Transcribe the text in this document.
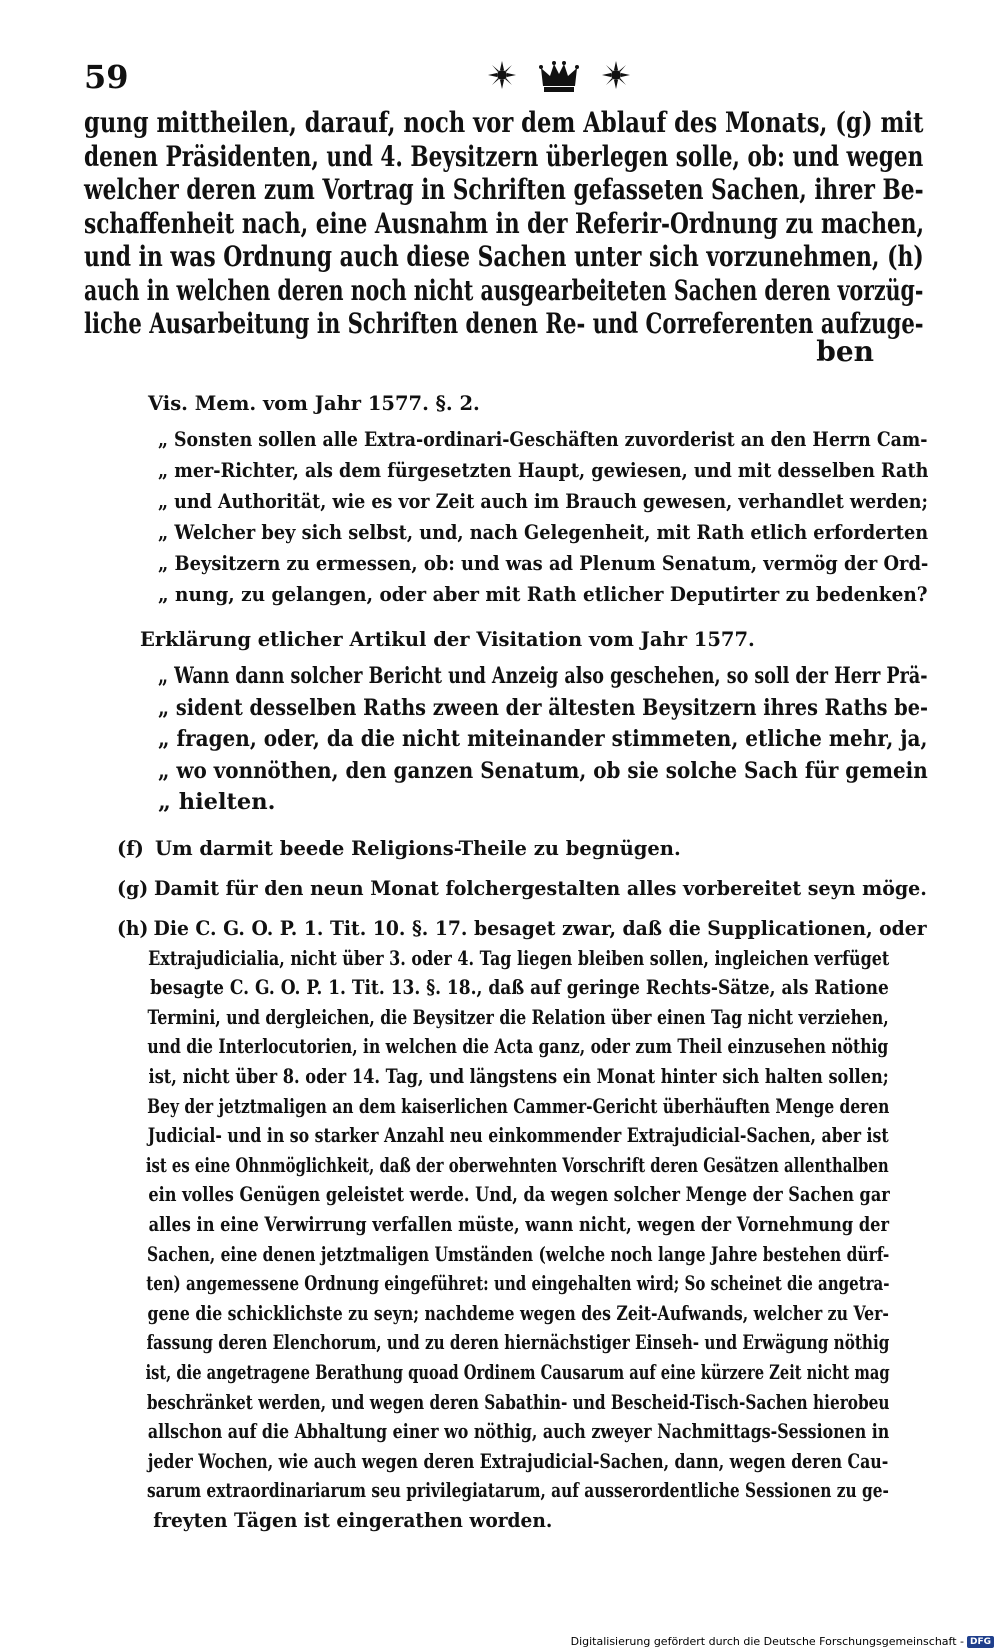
59
gung mittheilen, darauf, noch vor dem Ablauf des Monats, (g) mit
denen Präsidenten, und 4. Beysitzern überlegen solle, ob: und wegen
welcher deren zum Vortrag in Schriften gefasseten Sachen, ihrer Be-
schaffenheit nach, eine Ausnahm in der Referir-Ordnung zu machen,
und in was Ordnung auch diese Sachen unter sich vorzunehmen, (h)
auch in welchen deren noch nicht ausgearbeiteten Sachen deren vorzüg-
liche Ausarbeitung in Schriften denen Re- und Correferenten aufzuge-
ben
Vis. Mem. vom Jahr 1577. §. 2.
„ Sonsten sollen alle Extra-ordinari-Geschäften zuvorderist an den Herrn Cam-
„ mer-Richter, als dem fürgesetzten Haupt, gewiesen, und mit desselben Rath
„ und Authorität, wie es vor Zeit auch im Brauch gewesen, verhandlet werden;
„ Welcher bey sich selbst, und, nach Gelegenheit, mit Rath etlich erforderten
„ Beysitzern zu ermessen, ob: und was ad Plenum Senatum, vermög der Ord-
„ nung, zu gelangen, oder aber mit Rath etlicher Deputirter zu bedenken?
Erklärung etlicher Artikul der Visitation vom Jahr 1577.
„ Wann dann solcher Bericht und Anzeig also geschehen, so soll der Herr Prä-
„ sident desselben Raths zween der ältesten Beysitzern ihres Raths be-
„ fragen, oder, da die nicht miteinander stimmeten, etliche mehr, ja,
„ wo vonnöthen, den ganzen Senatum, ob sie solche Sach für gemein
„ hielten.
(f) Um darmit beede Religions-Theile zu begnügen.
(g) Damit für den neun Monat folchergestalten alles vorbereitet seyn möge.
(h) Die C. G. O. P. 1. Tit. 10. §. 17. besaget zwar, daß die Supplicationen, oder
Extrajudicialia, nicht über 3. oder 4. Tag liegen bleiben sollen, ingleichen verfüget
besagte C. G. O. P. 1. Tit. 13. §. 18., daß auf geringe Rechts-Sätze, als Ratione
Termini, und dergleichen, die Beysitzer die Relation über einen Tag nicht verziehen,
und die Interlocutorien, in welchen die Acta ganz, oder zum Theil einzusehen nöthig
ist, nicht über 8. oder 14. Tag, und längstens ein Monat hinter sich halten sollen;
Bey der jetztmaligen an dem kaiserlichen Cammer-Gericht überhäuften Menge deren
Judicial- und in so starker Anzahl neu einkommender Extrajudicial-Sachen, aber ist
ist es eine Ohnmöglichkeit, daß der oberwehnten Vorschrift deren Gesätzen allenthalben
ein volles Genügen geleistet werde. Und, da wegen solcher Menge der Sachen gar
alles in eine Verwirrung verfallen müste, wann nicht, wegen der Vornehmung der
Sachen, eine denen jetztmaligen Umständen (welche noch lange Jahre bestehen dürf-
ten) angemessene Ordnung eingeführet: und eingehalten wird; So scheinet die angetra-
gene die schicklichste zu seyn; nachdeme wegen des Zeit-Aufwands, welcher zu Ver-
fassung deren Elenchorum, und zu deren hiernächstiger Einseh- und Erwägung nöthig
ist, die angetragene Berathung quoad Ordinem Causarum auf eine kürzere Zeit nicht mag
beschränket werden, und wegen deren Sabathin- und Bescheid-Tisch-Sachen hierobeu
allschon auf die Abhaltung einer wo nöthig, auch zweyer Nachmittags-Sessionen in
jeder Wochen, wie auch wegen deren Extrajudicial-Sachen, dann, wegen deren Cau-
sarum extraordinariarum seu privilegiatarum, auf ausserordentliche Sessionen zu ge-
freyten Tägen ist eingerathen worden.
Digitalisierung gefördert durch die Deutsche Forschungsgemeinschaft - DFG
